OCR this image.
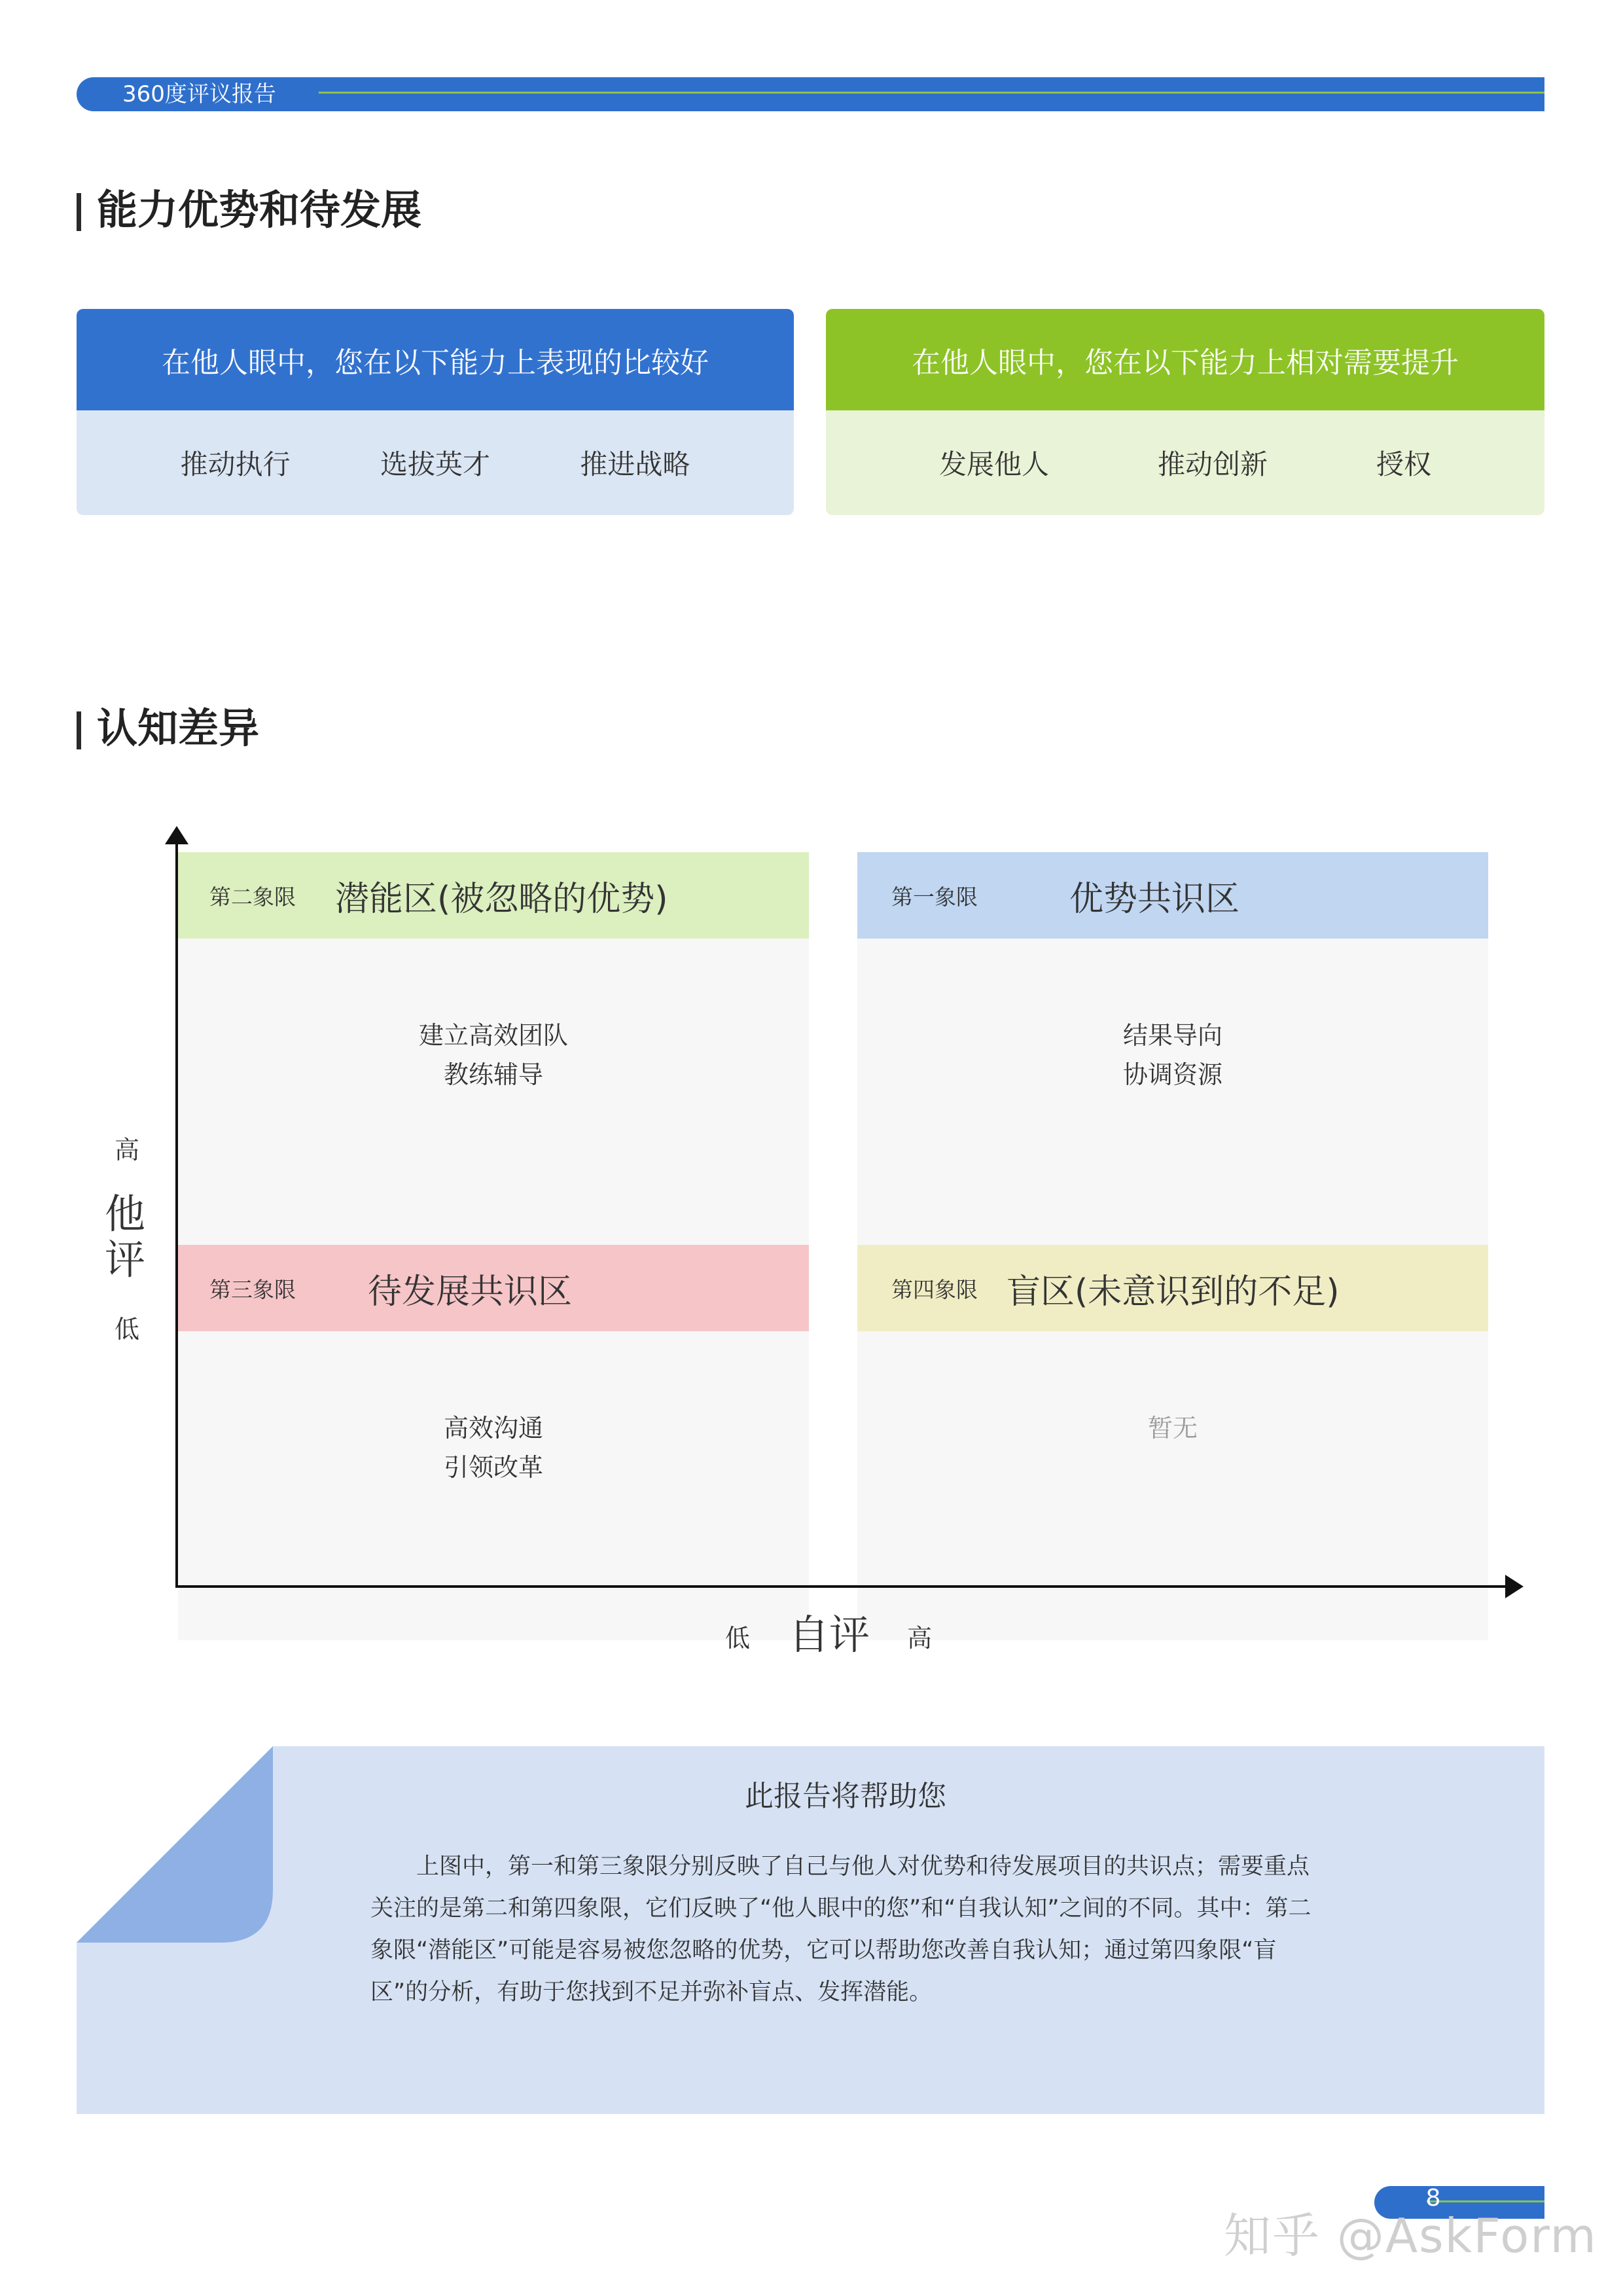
360度评议报告
能力优势和待发展
在他人眼中，您在以下能力上表现的比较好
推动执行	选拔英才	推进战略
在他人眼中，您在以下能力上相对需要提升
发展他人	推动创新	授权
认知差异
第二象限 潜能区(被忽略的优势)
建立高效团队
教练辅导
第一象限	优势共识区
结果导向
协调资源
第三象限 待发展共识区
高效沟通
引领改革
第四象限 盲区(未意识到的不足)
暂无
高
他评
低
低 自评 高
此报告将帮助您
上图中，第一和第三象限分别反映了自己与他人对优势和待发展项目的共识点；需要重点关注的是第二和第四象限，它们反映了“他人眼中的您”和“自我认知”之间的不同。其中：第二象限“潜能区”可能是容易被您忽略的优势，它可以帮助您改善自我认知；通过第四象限“盲区”的分析，有助于您找到不足并弥补盲点、发挥潜能。
8
知乎 @AskForm
